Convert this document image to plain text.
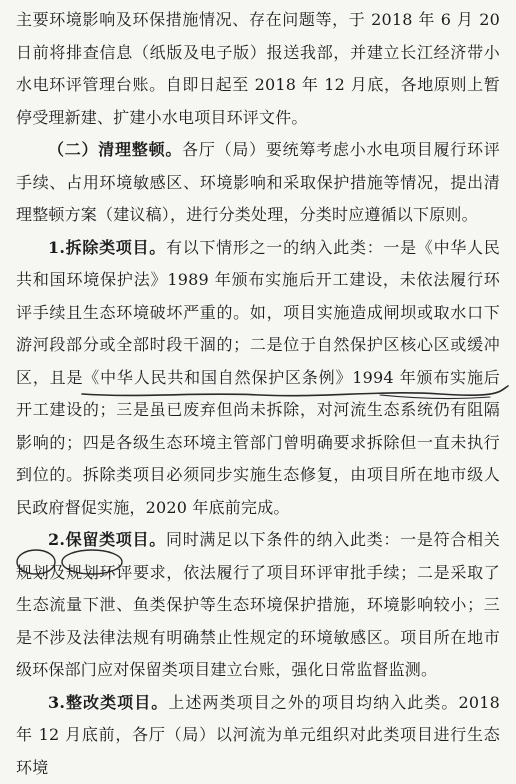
主要环境影响及环保措施情况、存在问题等，于 2018 年 6 月 20 日前将排查信息（纸版及电子版）报送我部，并建立长江经济带小水电环评管理台账。自即日起至 2018 年 12 月底，各地原则上暂停受理新建、扩建小水电项目环评文件。

（二）清理整顿。各厅（局）要统筹考虑小水电项目履行环评手续、占用环境敏感区、环境影响和采取保护措施等情况，提出清理整顿方案（建议稿），进行分类处理，分类时应遵循以下原则。

1.拆除类项目。有以下情形之一的纳入此类：一是《中华人民共和国环境保护法》1989 年颁布实施后开工建设，未依法履行环评手续且生态环境破坏严重的。如，项目实施造成闸坝或取水口下游河段部分或全部时段干涸的；二是位于自然保护区核心区或缓冲区，且是《中华人民共和国自然保护区条例》1994 年颁布实施后开工建设的；三是虽已废弃但尚未拆除，对河流生态系统仍有阻隔影响的；四是各级生态环境主管部门曾明确要求拆除但一直未执行到位的。拆除类项目必须同步实施生态修复，由项目所在地市级人民政府督促实施，2020 年底前完成。

2.保留类项目。同时满足以下条件的纳入此类：一是符合相关规划及规划环评要求，依法履行了项目环评审批手续；二是采取了生态流量下泄、鱼类保护等生态环境保护措施，环境影响较小；三是不涉及法律法规有明确禁止性规定的环境敏感区。项目所在地市级环保部门应对保留类项目建立台账，强化日常监督监测。

3.整改类项目。上述两类项目之外的项目均纳入此类。2018 年 12 月底前，各厅（局）以河流为单元组织对此类项目进行生态环境
